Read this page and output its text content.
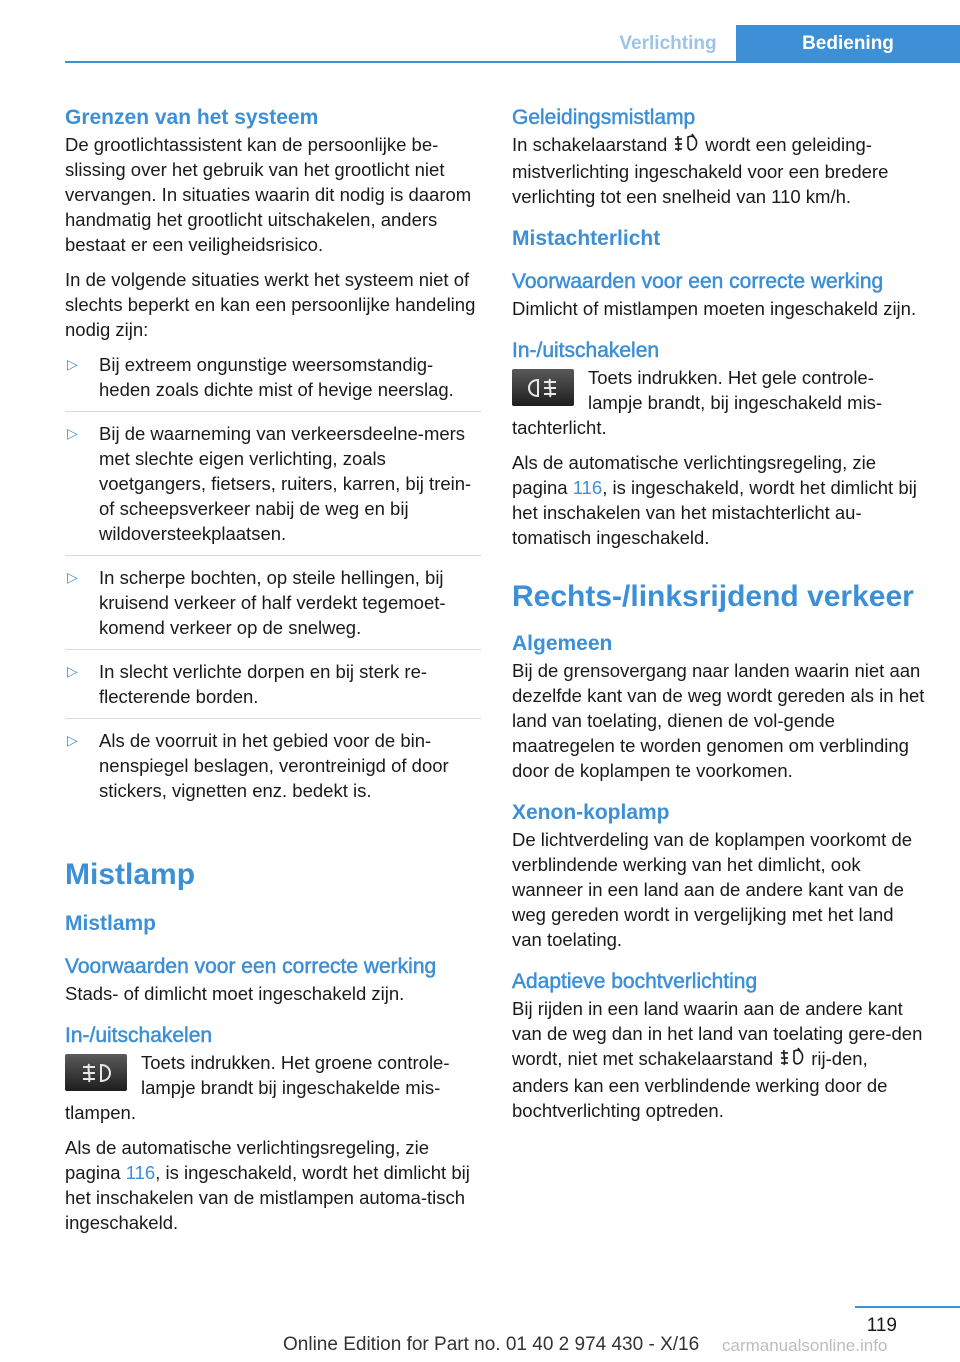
Verlichting	Bediening
Grenzen van het systeem

De grootlichtassistent kan de persoonlijke be-slissing over het gebruik van het grootlicht niet vervangen. In situaties waarin dit nodig is daarom handmatig het grootlicht uitschakelen, anders bestaat er een veiligheidsrisico.

In de volgende situaties werkt het systeem niet of slechts beperkt en kan een persoonlijke handeling nodig zijn:

▷ Bij extreem ongunstige weersomstandig-heden zoals dichte mist of hevige neerslag.
▷ Bij de waarneming van verkeersdeelne-mers met slechte eigen verlichting, zoals voetgangers, fietsers, ruiters, karren, bij trein- of scheepsverkeer nabij de weg en bij wildoversteekplaatsen.
▷ In scherpe bochten, op steile hellingen, bij kruisend verkeer of half verdekt tegemoet-komend verkeer op de snelweg.
▷ In slecht verlichte dorpen en bij sterk re-flecterende borden.
▷ Als de voorruit in het gebied voor de bin-nenspiegel beslagen, verontreinigd of door stickers, vignetten enz. bedekt is.
Mistlamp
Mistlamp
Voorwaarden voor een correcte werking

Stads- of dimlicht moet ingeschakeld zijn.

In-/uitschakelen

Toets indrukken. Het groene controle-lampje brandt bij ingeschakelde mis-tlampen.

Als de automatische verlichtingsregeling, zie pagina 116, is ingeschakeld, wordt het dimlicht bij het inschakelen van de mistlampen automa-tisch ingeschakeld.

Geleidingsmistlamp

In schakelaarstand wordt een geleiding-mistverlichting ingeschakeld voor een bredere verlichting tot een snelheid van 110 km/h.

Mistachterlicht
Voorwaarden voor een correcte werking

Dimlicht of mistlampen moeten ingeschakeld zijn.

In-/uitschakelen

Toets indrukken. Het gele controle-lampje brandt, bij ingeschakeld mis-tachterlicht.

Als de automatische verlichtingsregeling, zie pagina 116, is ingeschakeld, wordt het dimlicht bij het inschakelen van het mistachterlicht au-tomatisch ingeschakeld.

Rechts-/linksrijdend verkeer
Algemeen

Bij de grensovergang naar landen waarin niet aan dezelfde kant van de weg wordt gereden als in het land van toelating, dienen de vol-gende maatregelen te worden genomen om verblinding door de koplampen te voorkomen.

Xenon-koplamp

De lichtverdeling van de koplampen voorkomt de verblindende werking van het dimlicht, ook wanneer in een land aan de andere kant van de weg gereden wordt in vergelijking met het land van toelating.

Adaptieve bochtverlichting

Bij rijden in een land waarin aan de andere kant van de weg dan in het land van toelating gere-den wordt, niet met schakelaarstand rij-den, anders kan een verblindende werking door de bochtverlichting optreden.

119
Online Edition for Part no. 01 40 2 974 430 - X/16 carmanualsonline.info
